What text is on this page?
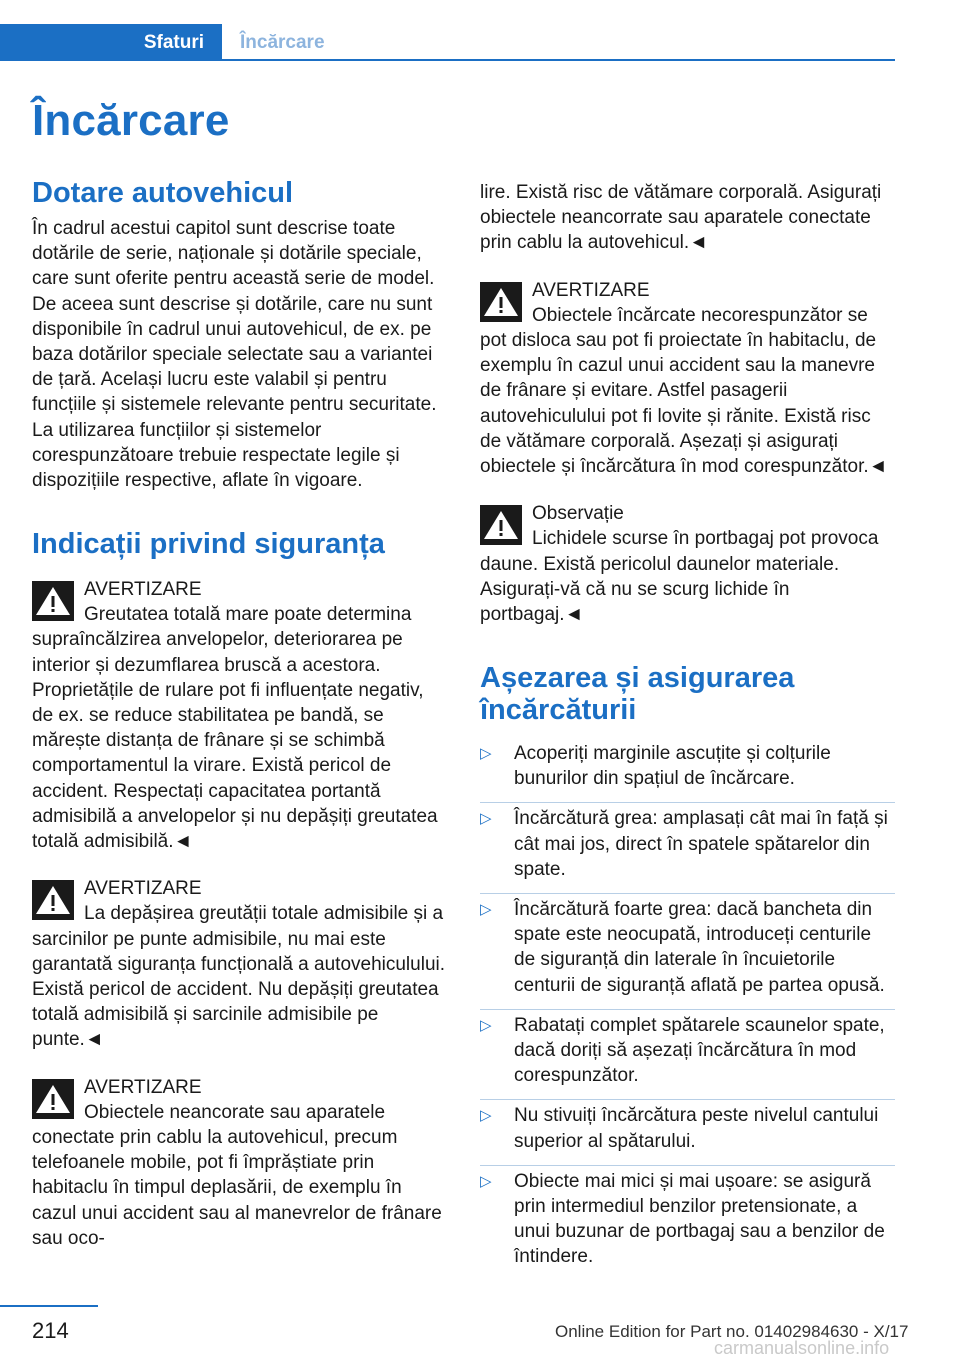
Sfaturi	Încărcare
Încărcare
Dotare autovehicul

În cadrul acestui capitol sunt descrise toate dotările de serie, naționale și dotările speciale, care sunt oferite pentru această serie de model. De aceea sunt descrise și dotările, care nu sunt disponibile în cadrul unui autovehicul, de ex. pe baza dotărilor speciale selectate sau a variantei de țară. Același lucru este valabil și pentru funcțiile și sistemele relevante pentru securitate. La utilizarea funcțiilor și sistemelor corespunzătoare trebuie respectate legile și dispozițiile respective, aflate în vigoare.

Indicații privind siguranța
AVERTIZARE
Greutatea totală mare poate determina supraîncălzirea anvelopelor, deteriorarea pe interior și dezumflarea bruscă a acestora. Proprietățile de rulare pot fi influențate negativ, de ex. se reduce stabilitatea pe bandă, se mărește distanța de frânare și se schimbă comportamentul la virare. Există pericol de accident. Respectați capacitatea portantă admisibilă a anvelopelor și nu depășiți greutatea totală admisibilă.◄
AVERTIZARE
La depășirea greutății totale admisibile și a sarcinilor pe punte admisibile, nu mai este garantată siguranța funcțională a autovehiculului. Există pericol de accident. Nu depășiți greutatea totală admisibilă și sarcinile admisibile pe punte.◄
AVERTIZARE
Obiectele neancorate sau aparatele conectate prin cablu la autovehicul, precum telefoanele mobile, pot fi împrăștiate prin habitaclu în timpul deplasării, de exemplu în cazul unui accident sau al manevrelor de frânare sau oco-

lire. Există risc de vătămare corporală. Asigurați obiectele neancorrate sau aparatele conectate prin cablu la autovehicul.◄

AVERTIZARE
Obiectele încărcate necorespunzător se pot disloca sau pot fi proiectate în habitaclu, de exemplu în cazul unui accident sau la manevre de frânare și evitare. Astfel pasagerii autovehiculului pot fi lovite și rănite. Există risc de vătămare corporală. Așezați și asigurați obiectele și încărcătura în mod corespunzător.◄
Observație
Lichidele scurse în portbagaj pot provoca daune. Există pericolul daunelor materiale. Asigurați-vă că nu se scurg lichide în portbagaj.◄
Așezarea și asigurarea încărcăturii
▷ Acoperiți marginile ascuțite și colțurile bunurilor din spațiul de încărcare.
▷ Încărcătură grea: amplasați cât mai în față și cât mai jos, direct în spatele spătarelor din spate.
▷ Încărcătură foarte grea: dacă bancheta din spate este neocupată, introduceți centurile de siguranță din laterale în încuietorile centurii de siguranță aflată pe partea opusă.
▷ Rabatați complet spătarele scaunelor spate, dacă doriți să așezați încărcătura în mod corespunzător.
▷ Nu stivuiți încărcătura peste nivelul cantului superior al spătarului.
▷ Obiecte mai mici și mai ușoare: se asigură prin intermediul benzilor pretensionate, a unui buzunar de portbagaj sau a benzilor de întindere.
214	Online Edition for Part no. 01402984630 - X/17
carmanualsonline.info
